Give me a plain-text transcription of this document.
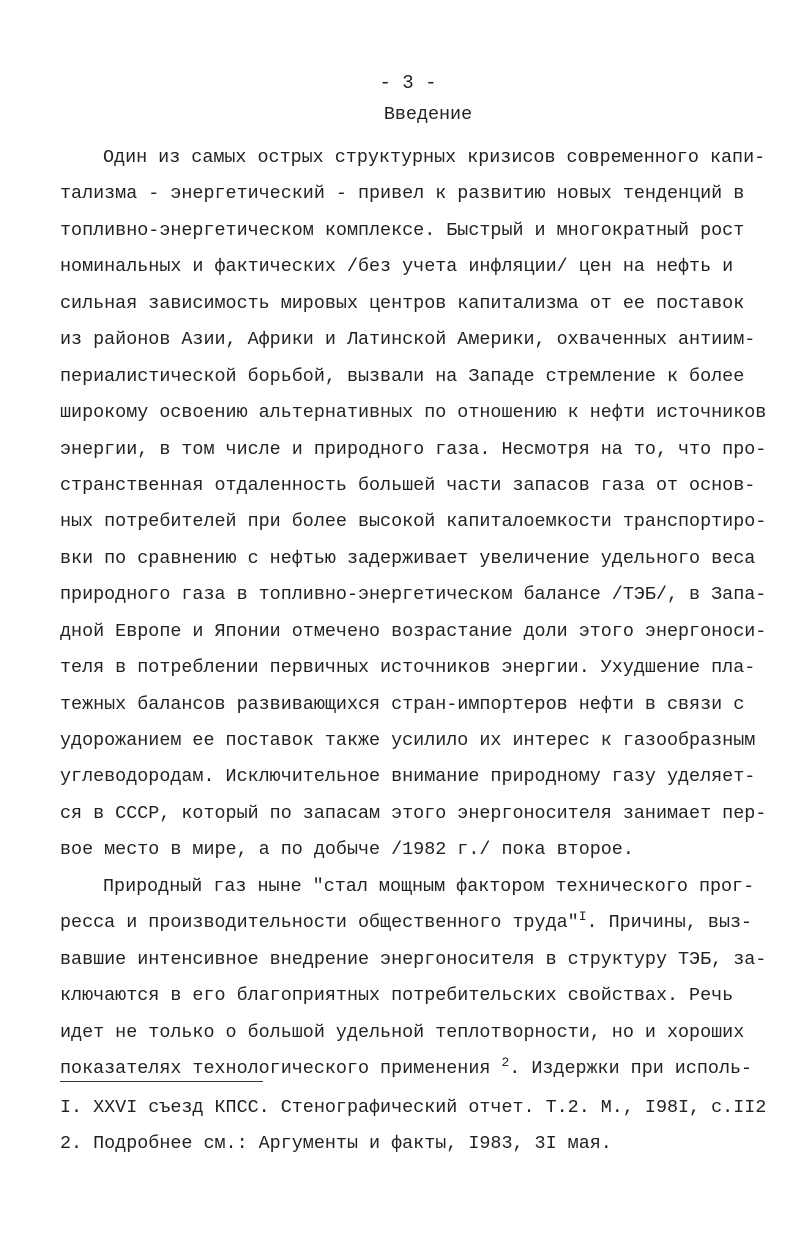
- 3 -
Введение
Один из самых острых структурных кризисов современного капи-
тализма - энергетический - привел к развитию новых тенденций в
топливно-энергетическом комплексе. Быстрый и многократный рост
номинальных и фактических /без учета инфляции/ цен на нефть и
сильная зависимость мировых центров капитализма от ее поставок
из районов Азии, Африки и Латинской Америки, охваченных антиим-
периалистической борьбой, вызвали на Западе стремление к более
широкому освоению альтернативных по отношению к нефти источников
энергии, в том числе и природного газа. Несмотря на то, что про-
странственная отдаленность большей части запасов газа от основ-
ных потребителей при более высокой капиталоемкости транспортиро-
вки по сравнению с нефтью задерживает увеличение удельного веса
природного газа в топливно-энергетическом балансе /ТЭБ/, в Запа-
дной Европе и Японии отмечено возрастание доли этого энергоноси-
теля в потреблении первичных источников энергии. Ухудшение пла-
тежных балансов развивающихся стран-импортеров нефти в связи с
удорожанием ее поставок также усилило их интерес к газообразным
углеводородам. Исключительное внимание природному газу уделяет-
ся в СССР, который по запасам этого энергоносителя занимает пер-
вое место в мире, а по добыче /1982 г./ пока второе.
Природный газ ныне "стал мощным фактором технического прог-
ресса и производительности общественного труда"$^I$. Причины, выз-
вавшие интенсивное внедрение энергоносителя в структуру ТЭБ, за-
ключаются в его благоприятных потребительских свойствах. Речь
идет не только о большой удельной теплотворности, но и хороших
показателях технологического применения $^2$. Издержки при исполь-
I. XXVI съезд КПСС. Стенографический отчет. Т.2. М., I98I, с.II2
2. Подробнее см.: Аргументы и факты, I983, 3I мая.
